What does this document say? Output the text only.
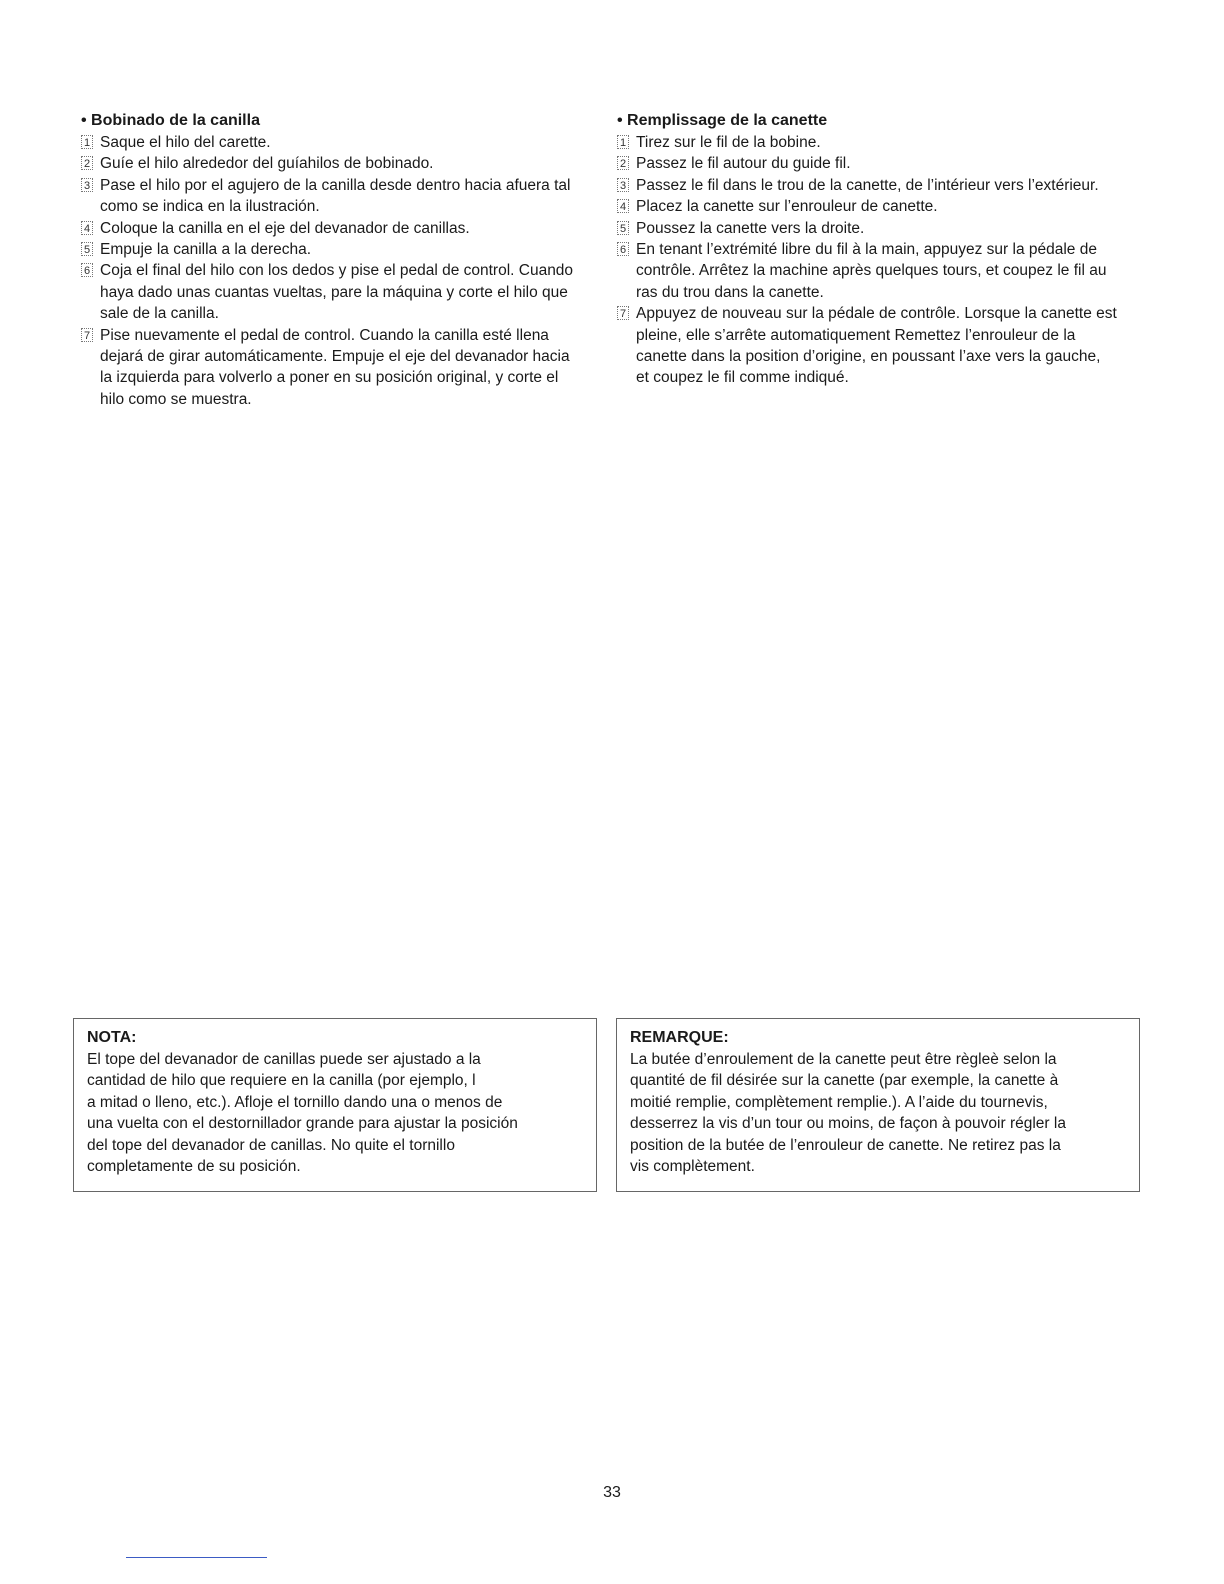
• Bobinado de la canilla

1 Saque el hilo del carette.
2 Guíe el hilo alrededor del guíahilos de bobinado.
3 Pase el hilo por el agujero de la canilla desde dentro hacia afuera tal como se indica en la ilustración.
4 Coloque la canilla en el eje del devanador de canillas.
5 Empuje la canilla a la derecha.
6 Coja el final del hilo con los dedos y pise el pedal de control. Cuando haya dado unas cuantas vueltas, pare la máquina y corte el hilo que sale de la canilla.
7 Pise nuevamente el pedal de control. Cuando la canilla esté llena dejará de girar automáticamente. Empuje el eje del devanador hacia la izquierda para volverlo a poner en su posición original, y corte el hilo como se muestra.

• Remplissage de la canette

1 Tirez sur le fil de la bobine.
2 Passez le fil autour du guide fil.
3 Passez le fil dans le trou de la canette, de l’intérieur vers l’extérieur.
4 Placez la canette sur l’enrouleur de canette.
5 Poussez la canette vers la droite.
6 En tenant l’extrémité libre du fil à la main, appuyez sur la pédale de contrôle. Arrêtez la machine après quelques tours, et coupez le fil au ras du trou dans la canette.
7 Appuyez de nouveau sur la pédale de contrôle. Lorsque la canette est pleine, elle s’arrête automatiquement Remettez l’enrouleur de la canette dans la position d’origine, en poussant l’axe vers la gauche, et coupez le fil comme indiqué.

NOTA:

El tope del devanador de canillas puede ser ajustado a la
cantidad de hilo que requiere en la canilla (por ejemplo, l
a mitad o lleno, etc.). Afloje el tornillo dando una o menos de
una vuelta con el destornillador grande para ajustar la posición
del tope del devanador de canillas. No quite el tornillo
completamente de su posición.

REMARQUE:

La butée d’enroulement de la canette peut être règleè selon la
quantité de fil désirée sur la canette (par exemple, la canette à
moitié remplie, complètement remplie.). A l’aide du tournevis,
desserrez la vis d’un tour ou moins, de façon à pouvoir régler la
position de la butée de l’enrouleur de canette. Ne retirez pas la
vis complètement.

33
